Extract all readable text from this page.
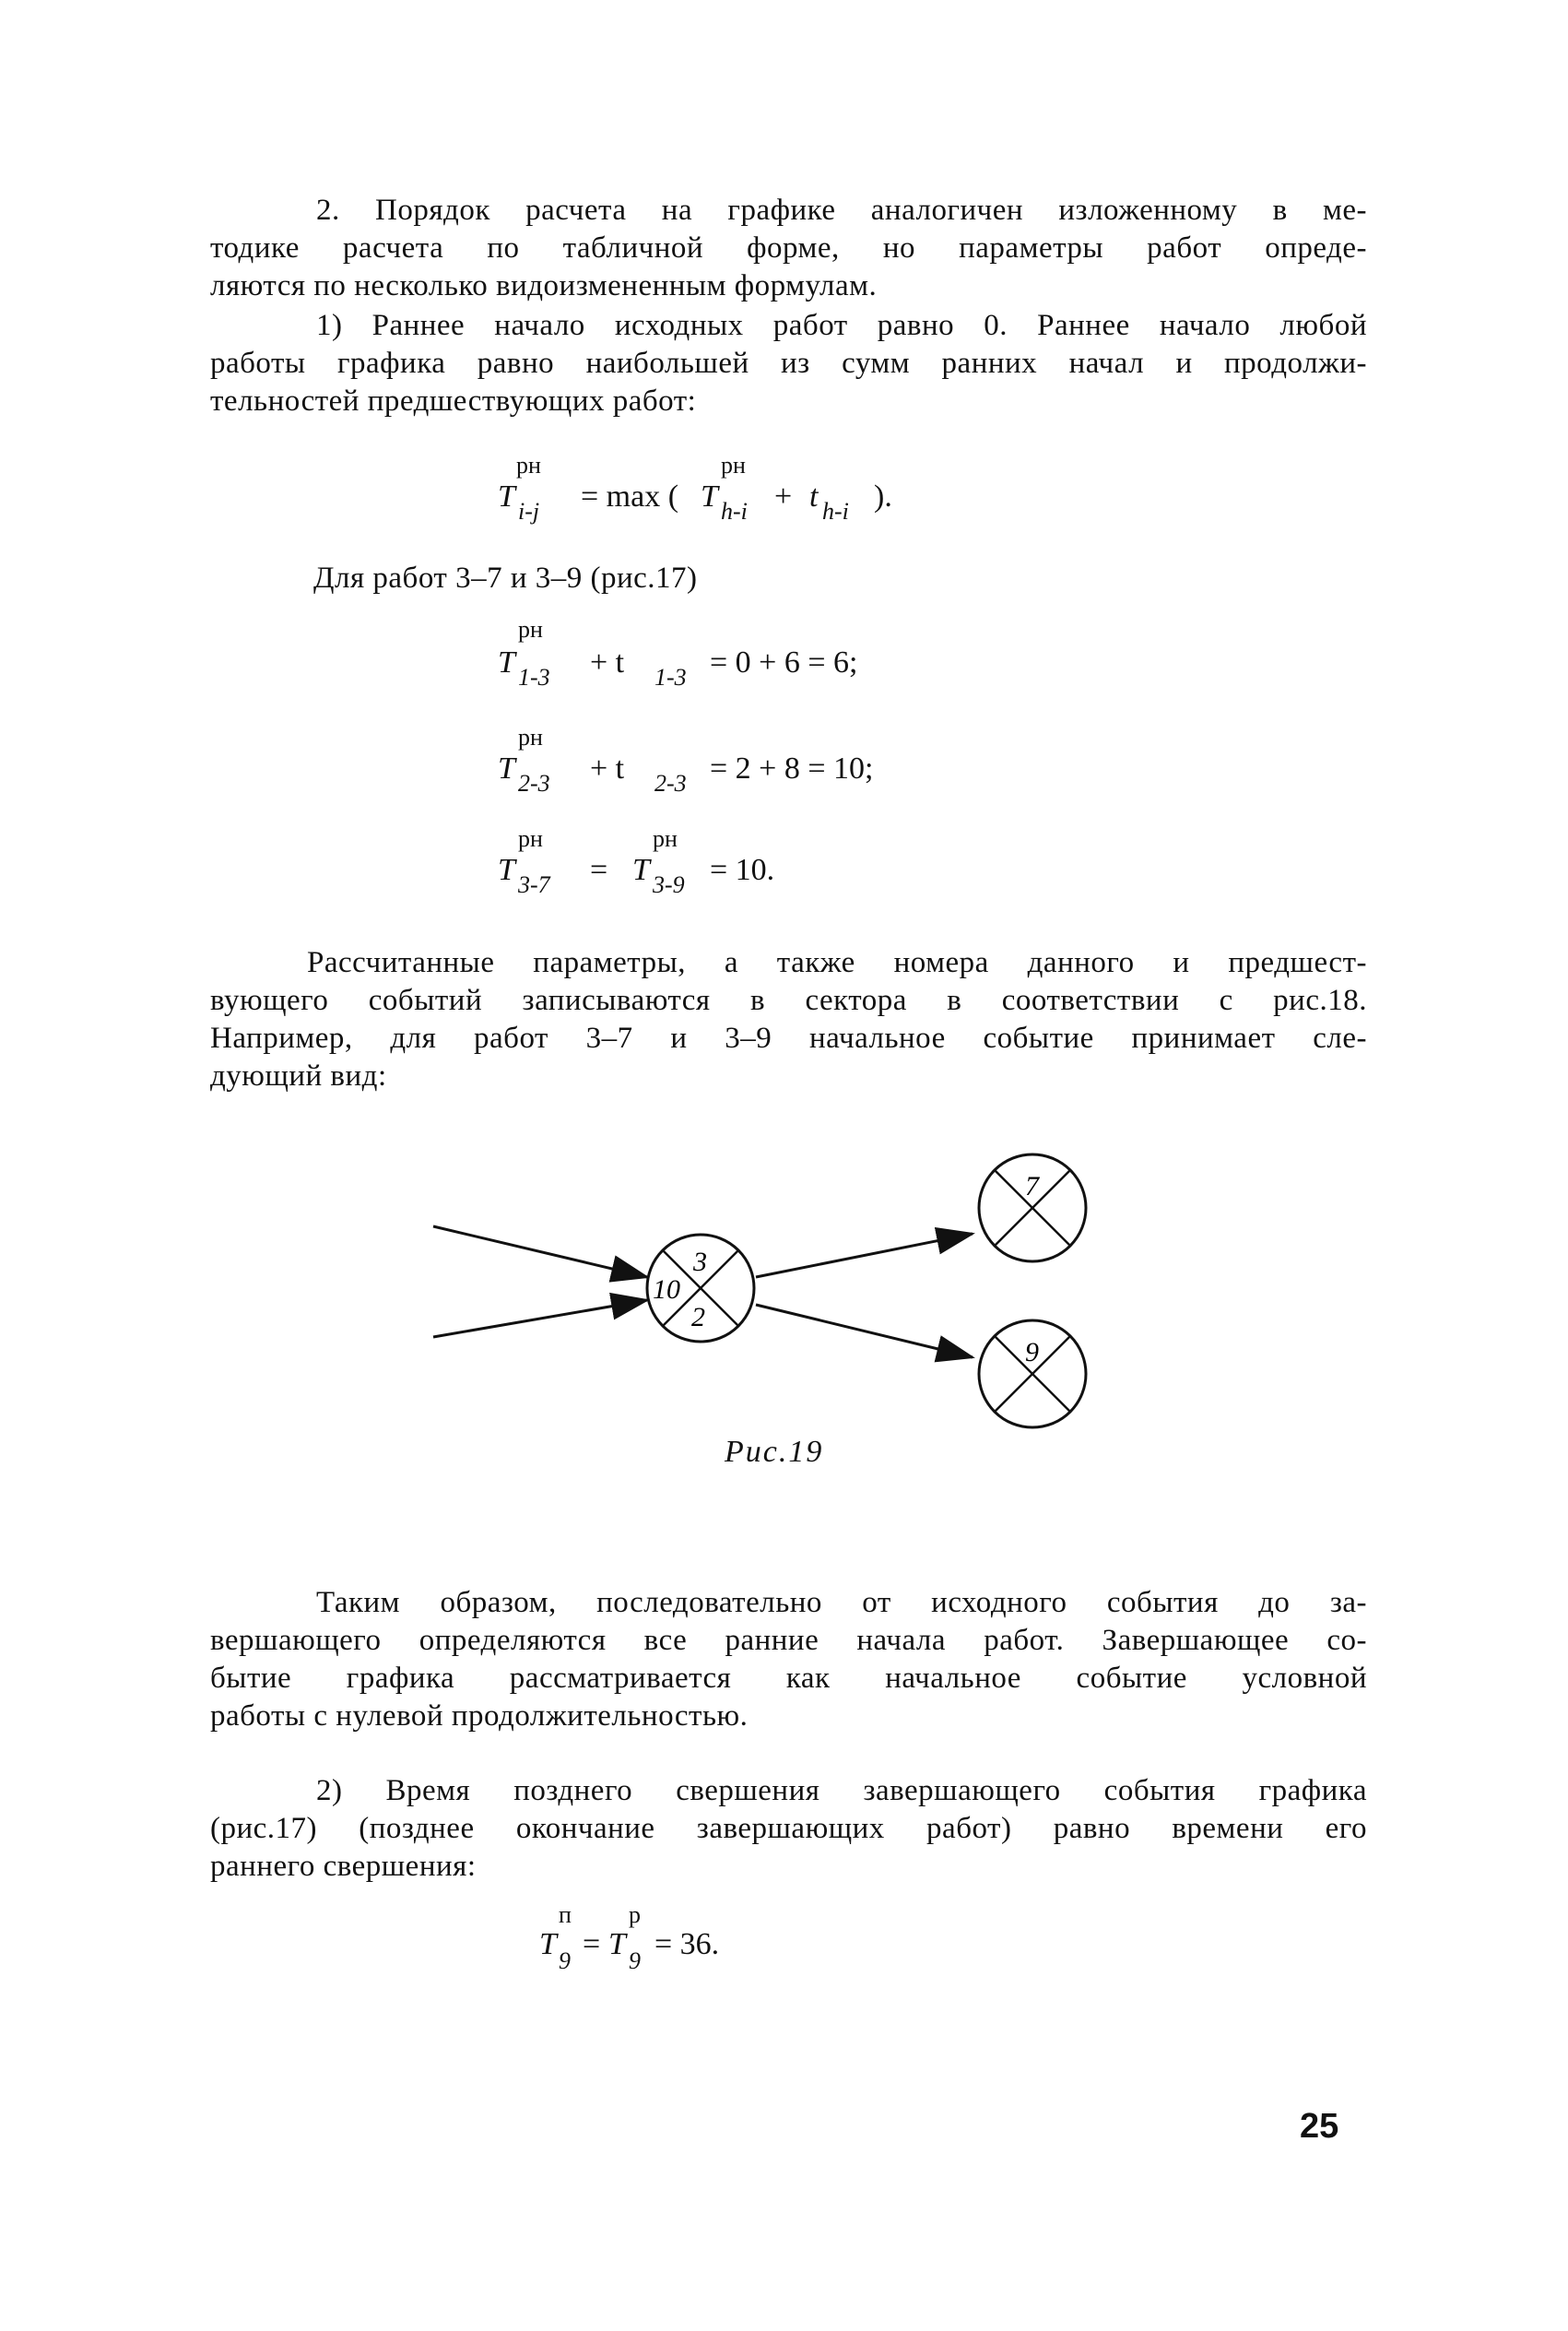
2. Порядок расчета на графике аналогичен изложенному в ме-
тодике расчета по табличной форме, но параметры работ опреде-
ляются по несколько видоизмененным формулам.
1) Раннее начало исходных работ равно 0. Раннее начало любой
работы графика равно наибольшей из сумм ранних начал и продолжи-
тельностей предшествующих работ:
рн
T i-j = max ( T
рн
h-i + t h-i ).
Для работ 3–7 и 3–9 (рис.17)
рн
T 1-3 + t 1-3 = 0 + 6 = 6;
рн
T 2-3 + t 2-3 = 2 + 8 = 10;
рн
T 3-7 =
рн
T 3-9 = 10.
Рассчитанные параметры, а также номера данного и предшест-
вующего событий записываются в сектора в соответствии с рис.18.
Например, для работ 3–7 и 3–9 начальное событие принимает сле-
дующий вид:
3
10
2
7
9
Рис.19
Таким образом, последовательно от исходного события до за-
вершающего определяются все ранние начала работ. Завершающее со-
бытие графика рассматривается как начальное событие условной
работы с нулевой продолжительностью.
2) Время позднего свершения завершающего события графика
(рис.17) (позднее окончание завершающих работ) равно времени его
раннего свершения:
п
T 9 = T
р
9 = 36.
25
